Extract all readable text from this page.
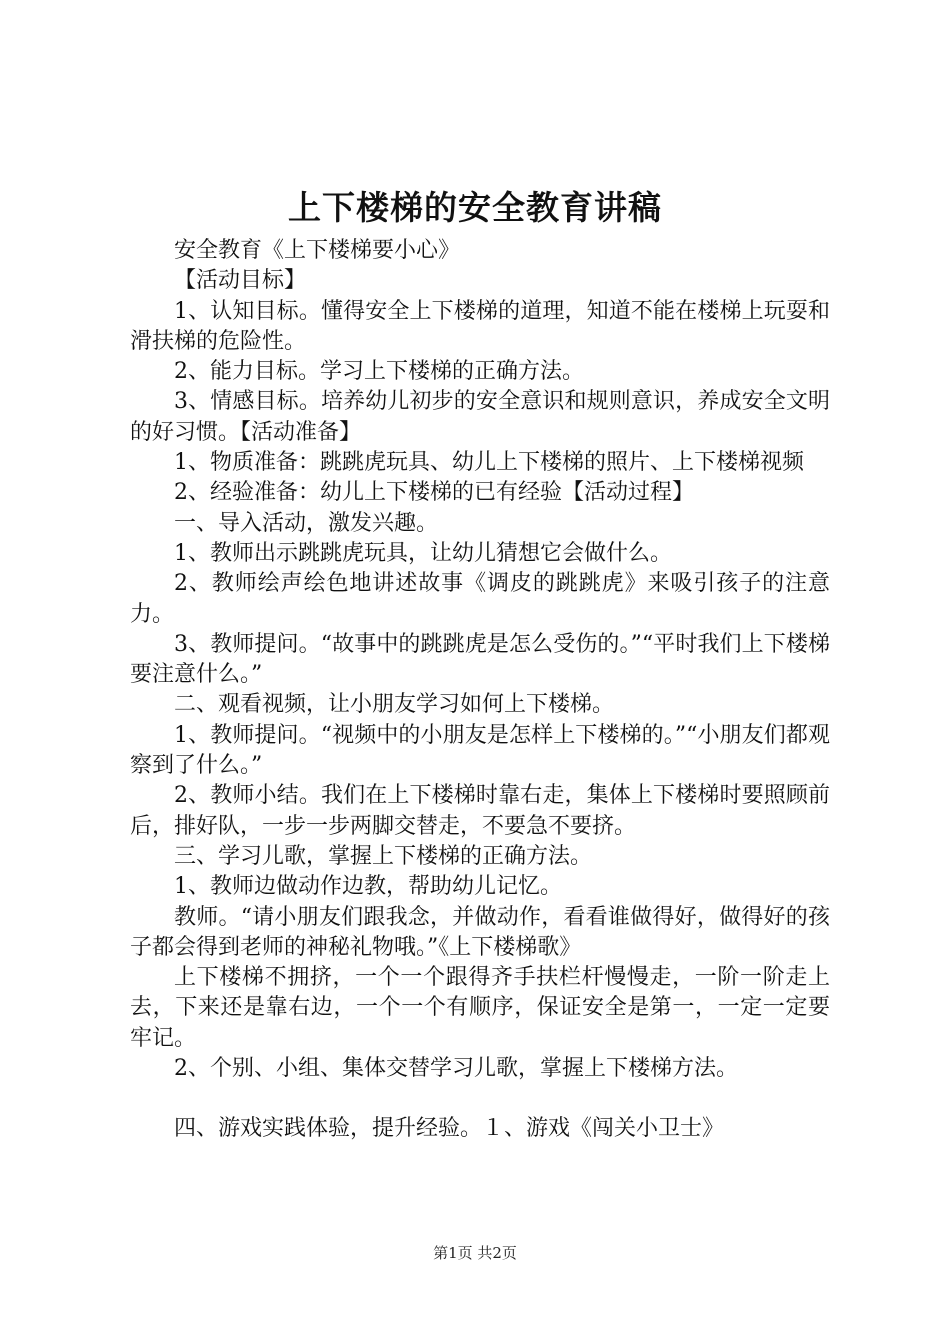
上下楼梯的安全教育讲稿

安全教育《上下楼梯要小心》

【活动目标】

1、认知目标。懂得安全上下楼梯的道理，知道不能在楼梯上玩耍和滑扶梯的危险性。

2、能力目标。学习上下楼梯的正确方法。

3、情感目标。培养幼儿初步的安全意识和规则意识，养成安全文明的好习惯。【活动准备】

1、物质准备：跳跳虎玩具、幼儿上下楼梯的照片、上下楼梯视频

2、经验准备：幼儿上下楼梯的已有经验【活动过程】

一、导入活动，激发兴趣。

1、教师出示跳跳虎玩具，让幼儿猜想它会做什么。

2、教师绘声绘色地讲述故事《调皮的跳跳虎》来吸引孩子的注意力。

3、教师提问。“故事中的跳跳虎是怎么受伤的。”“平时我们上下楼梯要注意什么。”

二、观看视频，让小朋友学习如何上下楼梯。

1、教师提问。“视频中的小朋友是怎样上下楼梯的。”“小朋友们都观察到了什么。”

2、教师小结。我们在上下楼梯时靠右走，集体上下楼梯时要照顾前后，排好队，一步一步两脚交替走，不要急不要挤。

三、学习儿歌，掌握上下楼梯的正确方法。

1、教师边做动作边教，帮助幼儿记忆。

教师。“请小朋友们跟我念，并做动作，看看谁做得好，做得好的孩子都会得到老师的神秘礼物哦。”《上下楼梯歌》

上下楼梯不拥挤，一个一个跟得齐手扶栏杆慢慢走，一阶一阶走上去，下来还是靠右边，一个一个有顺序，保证安全是第一，一定一定要牢记。

2、个别、小组、集体交替学习儿歌，掌握上下楼梯方法。

四、游戏实践体验，提升经验。１、游戏《闯关小卫士》

第1页 共2页
